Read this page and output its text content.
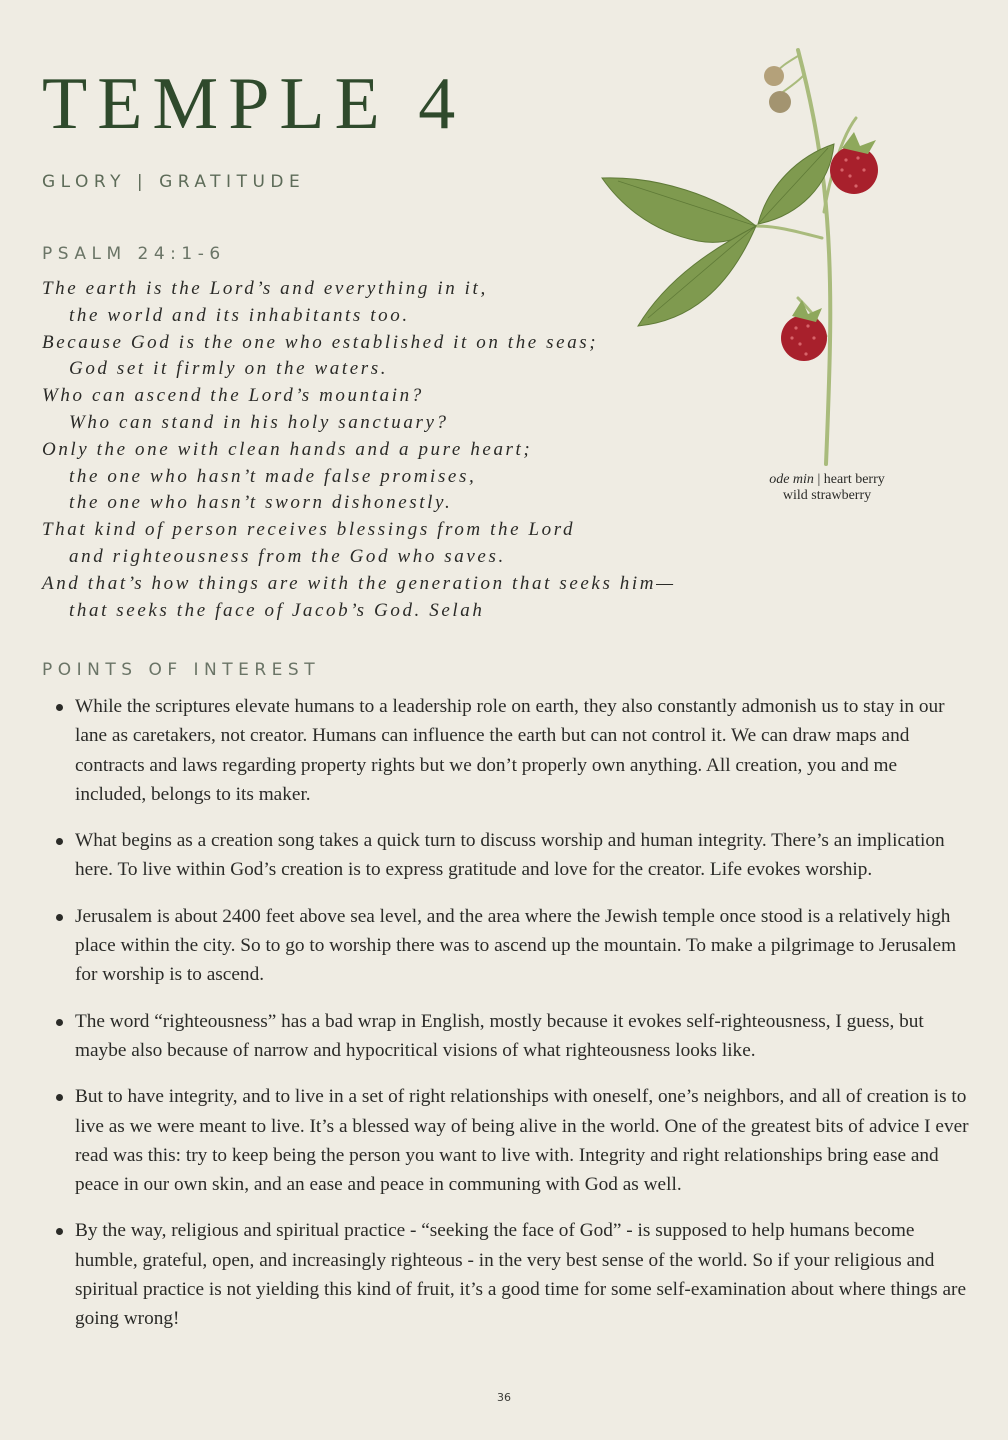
TEMPLE 4
GLORY | GRATITUDE
PSALM 24:1-6
The earth is the Lord’s and everything in it,
the world and its inhabitants too.
Because God is the one who established it on the seas;
God set it firmly on the waters.
Who can ascend the Lord’s mountain?
Who can stand in his holy sanctuary?
Only the one with clean hands and a pure heart;
the one who hasn’t made false promises,
the one who hasn’t sworn dishonestly.
That kind of person receives blessings from the Lord
and righteousness from the God who saves.
And that’s how things are with the generation that seeks him—
that seeks the face of Jacob’s God. Selah
ode min | heart berry
wild strawberry
POINTS OF INTEREST
While the scriptures elevate humans to a leadership role on earth, they also constantly admonish us to stay in our lane as caretakers, not creator. Humans can influence the earth but can not control it. We can draw maps and contracts and laws regarding property rights but we don’t properly own anything. All creation, you and me included, belongs to its maker.
What begins as a creation song takes a quick turn to discuss worship and human integrity. There’s an implication here. To live within God’s creation is to express gratitude and love for the creator. Life evokes worship.
Jerusalem is about 2400 feet above sea level, and the area where the Jewish temple once stood is a relatively high place within the city. So to go to worship there was to ascend up the mountain. To make a pilgrimage to Jerusalem for worship is to ascend.
The word “righteousness” has a bad wrap in English, mostly because it evokes self-righteousness, I guess, but maybe also because of narrow and hypocritical visions of what righteousness looks like.
But to have integrity, and to live in a set of right relationships with oneself, one’s neighbors, and all of creation is to live as we were meant to live. It’s a blessed way of being alive in the world. One of the greatest bits of advice I ever read was this: try to keep being the person you want to live with. Integrity and right relationships bring ease and peace in our own skin, and an ease and peace in communing with God as well.
By the way, religious and spiritual practice - “seeking the face of God” - is supposed to help humans become humble, grateful, open, and increasingly righteous - in the very best sense of the world. So if your religious and spiritual practice is not yielding this kind of fruit, it’s a good time for some self-examination about where things are going wrong!
36
